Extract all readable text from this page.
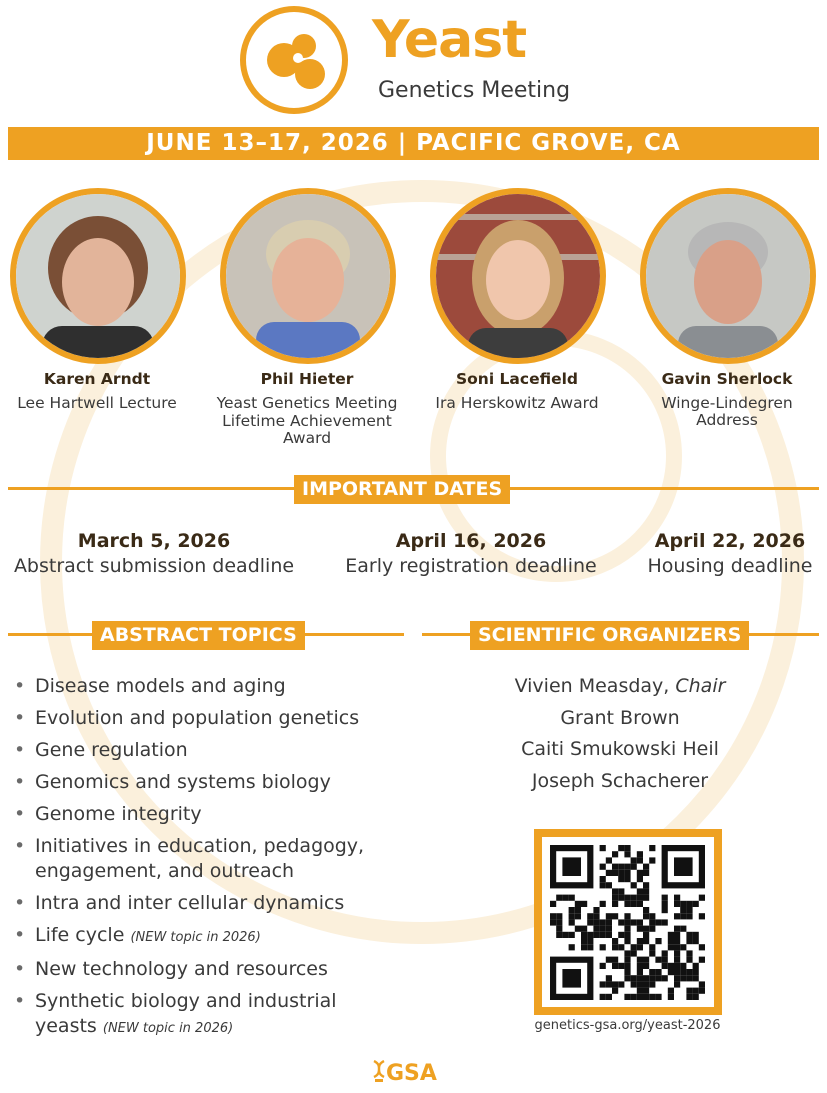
Yeast
Genetics Meeting
JUNE 13–17, 2026 | PACIFIC GROVE, CA
Karen Arndt
Lee Hartwell Lecture
Phil Hieter
Yeast Genetics Meeting Lifetime Achievement Award
Soni Lacefield
Ira Herskowitz Award
Gavin Sherlock
Winge-Lindegren Address
IMPORTANT DATES
March 5, 2026
Abstract submission deadline
April 16, 2026
Early registration deadline
April 22, 2026
Housing deadline
ABSTRACT TOPICS	SCIENTIFIC ORGANIZERS
• Disease models and aging
• Evolution and population genetics
• Gene regulation
• Genomics and systems biology
• Genome integrity
• Initiatives in education, pedagogy, engagement, and outreach
• Intra and inter cellular dynamics
• Life cycle (NEW topic in 2026)
• New technology and resources
• Synthetic biology and industrial yeasts (NEW topic in 2026)
Vivien Measday, Chair
Grant Brown
Caiti Smukowski Heil
Joseph Schacherer
genetics-gsa.org/yeast-2026
GSA
